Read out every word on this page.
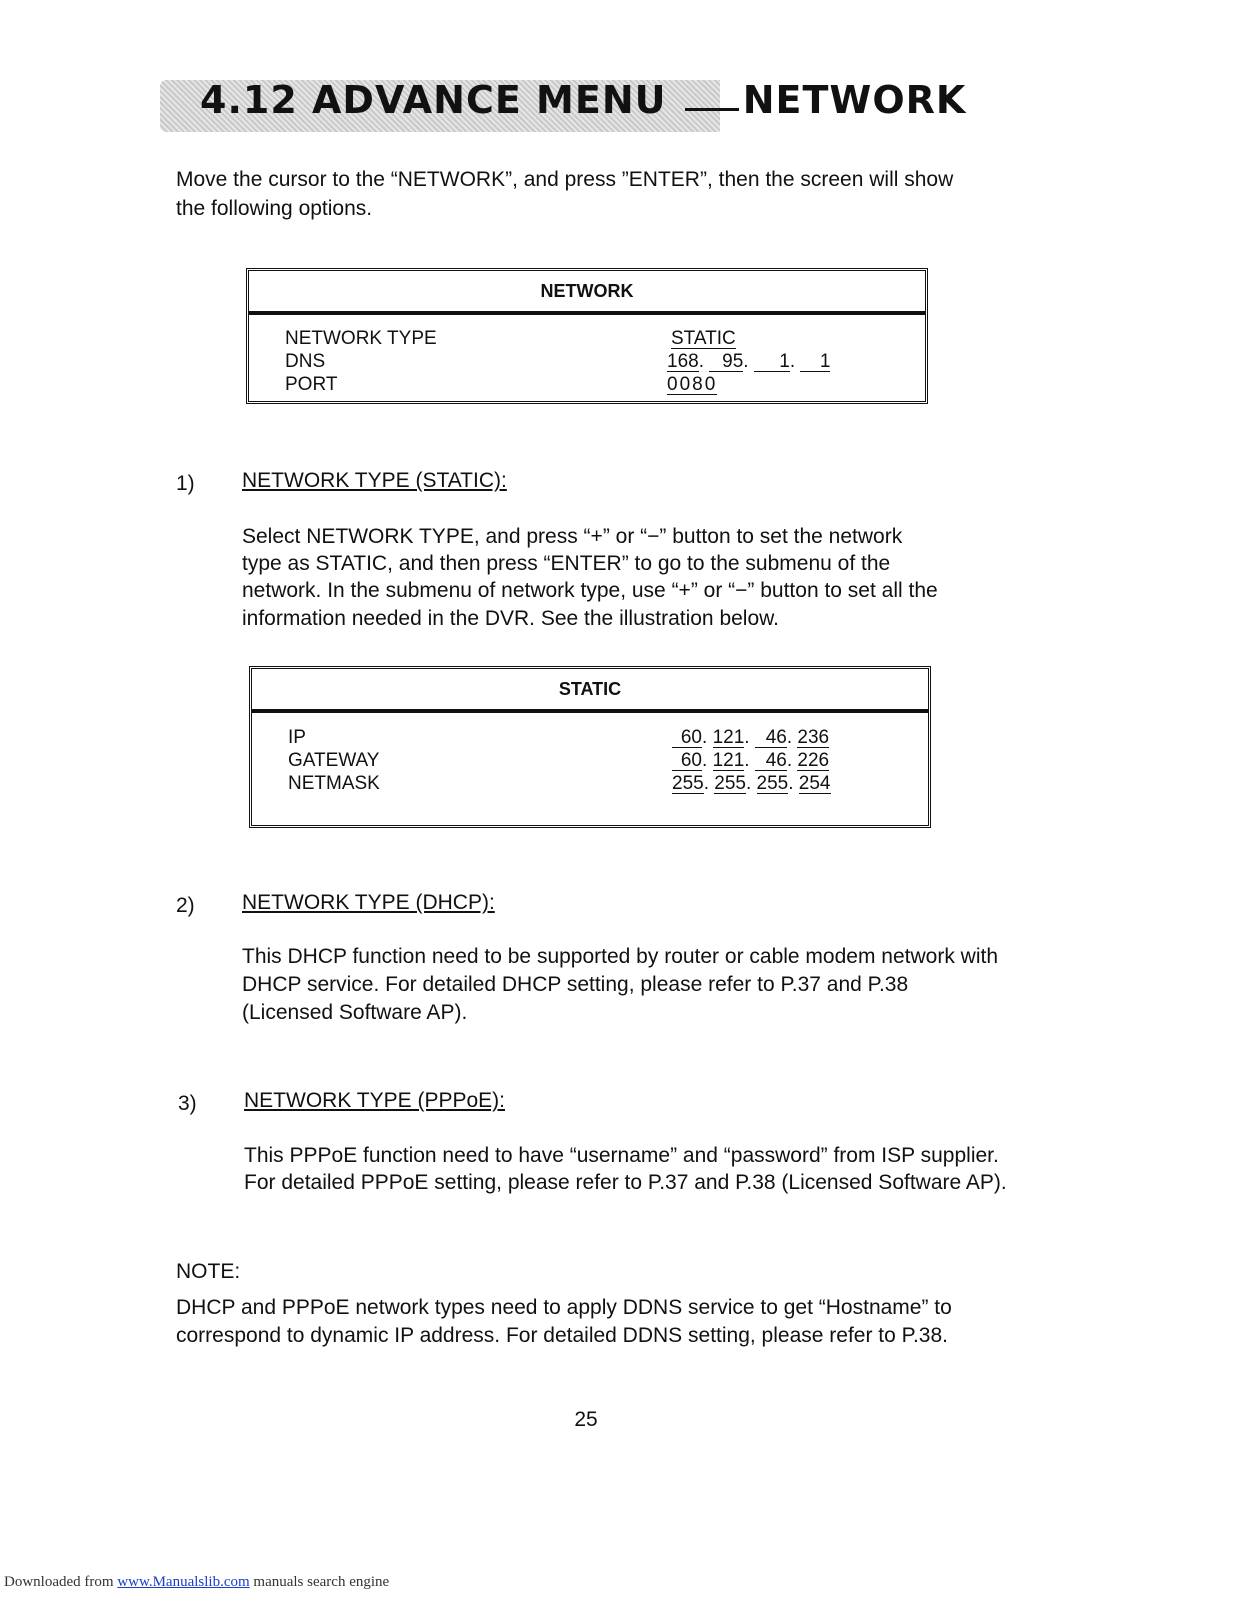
4.12 ADVANCE MENU NETWORK
Move the cursor to the “NETWORK”, and press ”ENTER”, then the screen will show
the following options.
NETWORK
NETWORK TYPE	STATIC
DNS	168. 95. 1. 1
PORT	0080
1) NETWORK TYPE (STATIC):
Select NETWORK TYPE, and press “+” or “−” button to set the network
type as STATIC, and then press “ENTER” to go to the submenu of the
network. In the submenu of network type, use “+” or “−” button to set all the
information needed in the DVR. See the illustration below.
STATIC
IP	60. 121. 46. 236
GATEWAY	60. 121. 46. 226
NETMASK	255. 255. 255. 254
2) NETWORK TYPE (DHCP):
This DHCP function need to be supported by router or cable modem network with
DHCP service. For detailed DHCP setting, please refer to P.37 and P.38
(Licensed Software AP).
3) NETWORK TYPE (PPPoE):
This PPPoE function need to have “username” and “password” from ISP supplier.
For detailed PPPoE setting, please refer to P.37 and P.38 (Licensed Software AP).
NOTE:
DHCP and PPPoE network types need to apply DDNS service to get “Hostname” to
correspond to dynamic IP address. For detailed DDNS setting, please refer to P.38.
25
Downloaded from www.Manualslib.com manuals search engine
